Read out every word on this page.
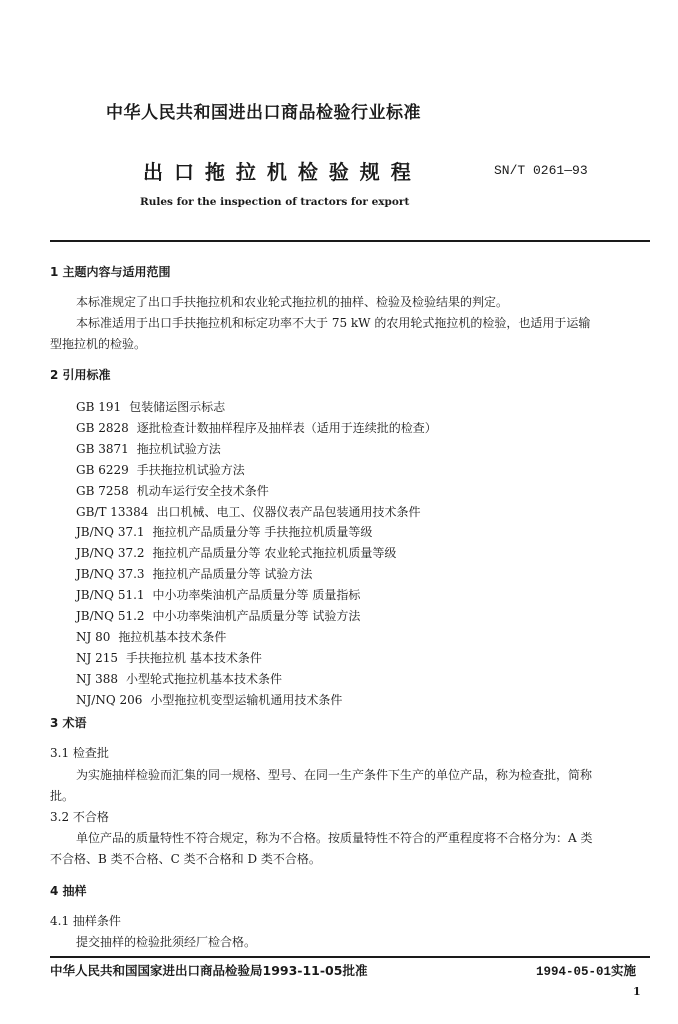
中华人民共和国进出口商品检验行业标准
出 口 拖 拉 机 检 验 规 程	SN/T 0261—93
Rules for the inspection of tractors for export
1 主题内容与适用范围
本标准规定了出口手扶拖拉机和农业轮式拖拉机的抽样、检验及检验结果的判定。
本标准适用于出口手扶拖拉机和标定功率不大于 75 kW 的农用轮式拖拉机的检验，也适用于运输
型拖拉机的检验。
2 引用标准
GB 191 包装储运图示标志
GB 2828 逐批检查计数抽样程序及抽样表（适用于连续批的检查）
GB 3871 拖拉机试验方法
GB 6229 手扶拖拉机试验方法
GB 7258 机动车运行安全技术条件
GB/T 13384 出口机械、电工、仪器仪表产品包装通用技术条件
JB/NQ 37.1 拖拉机产品质量分等 手扶拖拉机质量等级
JB/NQ 37.2 拖拉机产品质量分等 农业轮式拖拉机质量等级
JB/NQ 37.3 拖拉机产品质量分等 试验方法
JB/NQ 51.1 中小功率柴油机产品质量分等 质量指标
JB/NQ 51.2 中小功率柴油机产品质量分等 试验方法
NJ 80 拖拉机基本技术条件
NJ 215 手扶拖拉机 基本技术条件
NJ 388 小型轮式拖拉机基本技术条件
NJ/NQ 206 小型拖拉机变型运输机通用技术条件
3 术语
3.1 检查批
为实施抽样检验而汇集的同一规格、型号、在同一生产条件下生产的单位产品，称为检查批，简称
批。
3.2 不合格
单位产品的质量特性不符合规定，称为不合格。按质量特性不符合的严重程度将不合格分为：A 类
不合格、B 类不合格、C 类不合格和 D 类不合格。
4 抽样
4.1 抽样条件
提交抽样的检验批须经厂检合格。
中华人民共和国国家进出口商品检验局1993-11-05批准	1994-05-01实施
1
